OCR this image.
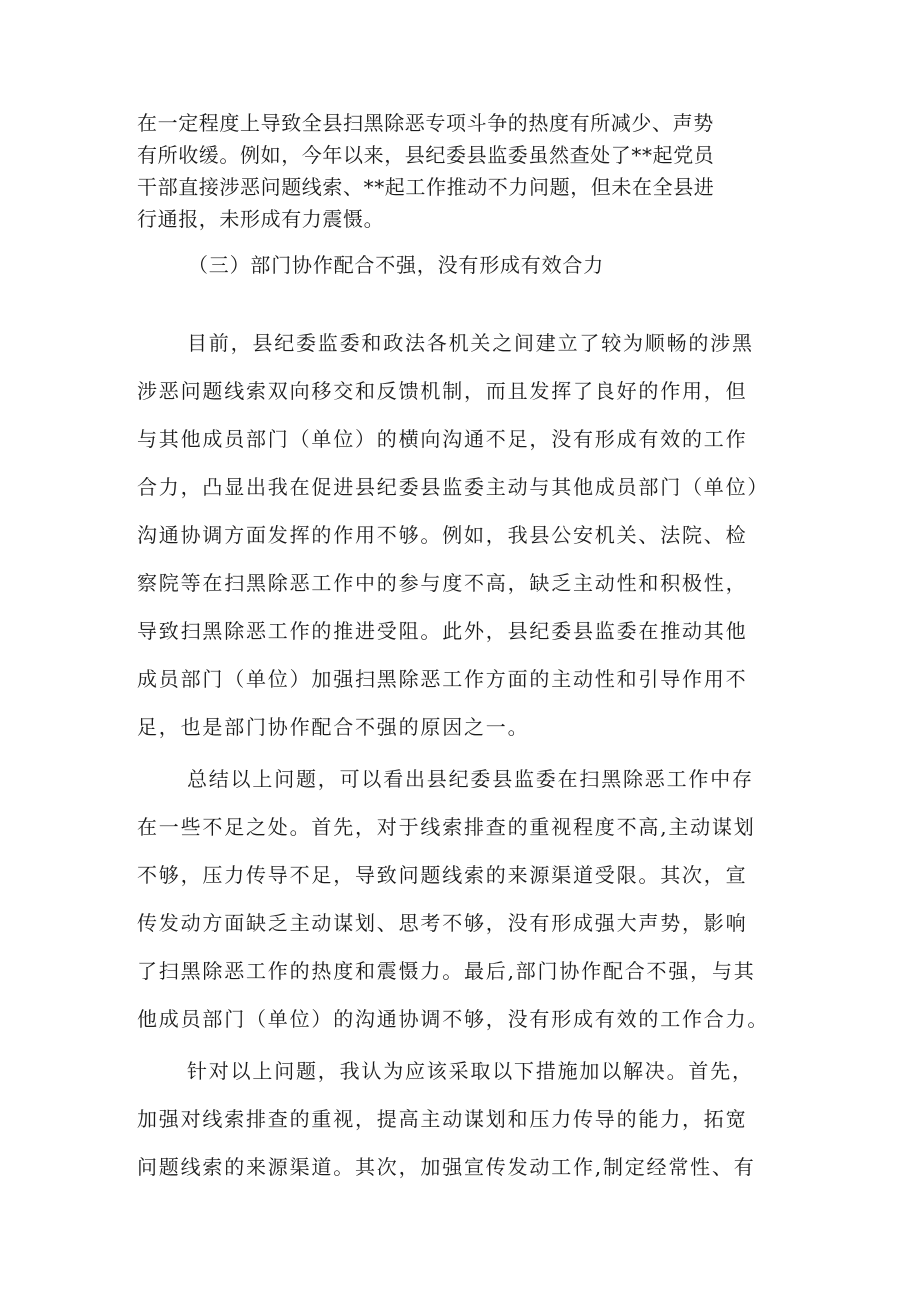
在一定程度上导致全县扫黑除恶专项斗争的热度有所减少、声势
有所收缓。例如，今年以来，县纪委县监委虽然查处了**起党员
干部直接涉恶问题线索、**起工作推动不力问题，但未在全县进
行通报，未形成有力震慑。
（三）部门协作配合不强，没有形成有效合力
目前，县纪委监委和政法各机关之间建立了较为顺畅的涉黑
涉恶问题线索双向移交和反馈机制，而且发挥了良好的作用，但
与其他成员部门（单位）的横向沟通不足，没有形成有效的工作
合力，凸显出我在促进县纪委县监委主动与其他成员部门（单位）
沟通协调方面发挥的作用不够。例如，我县公安机关、法院、检
察院等在扫黑除恶工作中的参与度不高，缺乏主动性和积极性，
导致扫黑除恶工作的推进受阻。此外，县纪委县监委在推动其他
成员部门（单位）加强扫黑除恶工作方面的主动性和引导作用不
足，也是部门协作配合不强的原因之一。
总结以上问题，可以看出县纪委县监委在扫黑除恶工作中存
在一些不足之处。首先，对于线索排查的重视程度不高,主动谋划
不够，压力传导不足，导致问题线索的来源渠道受限。其次，宣
传发动方面缺乏主动谋划、思考不够，没有形成强大声势，影响
了扫黑除恶工作的热度和震慑力。最后,部门协作配合不强，与其
他成员部门（单位）的沟通协调不够，没有形成有效的工作合力。
针对以上问题，我认为应该采取以下措施加以解决。首先，
加强对线索排查的重视，提高主动谋划和压力传导的能力，拓宽
问题线索的来源渠道。其次，加强宣传发动工作,制定经常性、有
